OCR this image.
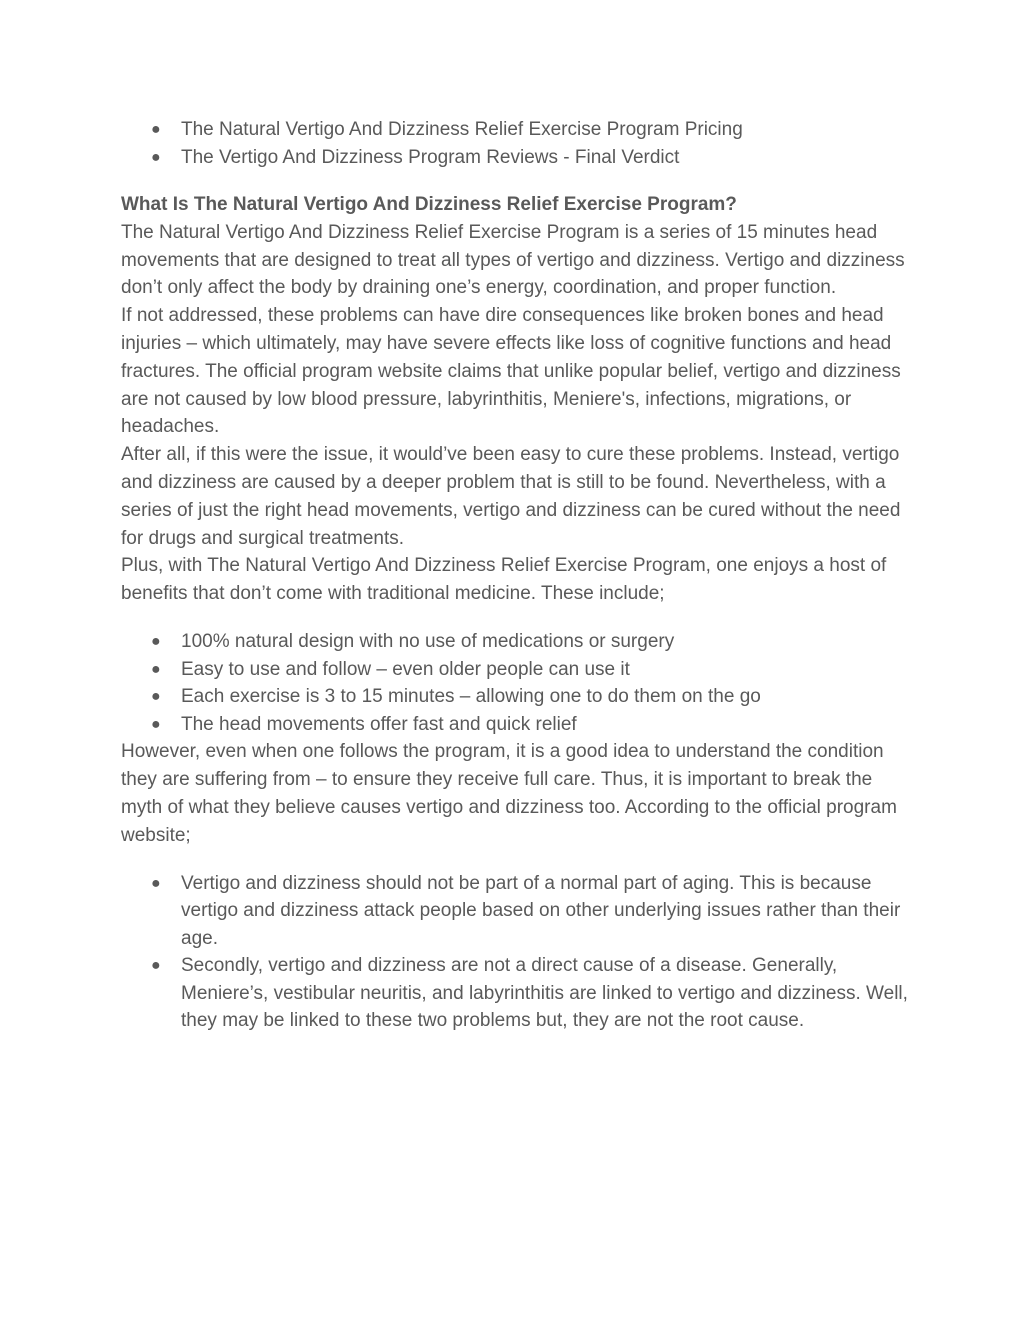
● The Natural Vertigo And Dizziness Relief Exercise Program Pricing
● The Vertigo And Dizziness Program Reviews - Final Verdict
What Is The Natural Vertigo And Dizziness Relief Exercise Program?

The Natural Vertigo And Dizziness Relief Exercise Program is a series of 15 minutes head movements that are designed to treat all types of vertigo and dizziness. Vertigo and dizziness don’t only affect the body by draining one’s energy, coordination, and proper function.

If not addressed, these problems can have dire consequences like broken bones and head injuries – which ultimately, may have severe effects like loss of cognitive functions and head fractures. The official program website claims that unlike popular belief, vertigo and dizziness are not caused by low blood pressure, labyrinthitis, Meniere's, infections, migrations, or headaches.

After all, if this were the issue, it would’ve been easy to cure these problems. Instead, vertigo and dizziness are caused by a deeper problem that is still to be found. Nevertheless, with a series of just the right head movements, vertigo and dizziness can be cured without the need for drugs and surgical treatments.

Plus, with The Natural Vertigo And Dizziness Relief Exercise Program, one enjoys a host of benefits that don’t come with traditional medicine. These include;

● 100% natural design with no use of medications or surgery
● Easy to use and follow – even older people can use it
● Each exercise is 3 to 15 minutes – allowing one to do them on the go
● The head movements offer fast and quick relief

However, even when one follows the program, it is a good idea to understand the condition they are suffering from – to ensure they receive full care. Thus, it is important to break the myth of what they believe causes vertigo and dizziness too. According to the official program website;

● Vertigo and dizziness should not be part of a normal part of aging. This is because vertigo and dizziness attack people based on other underlying issues rather than their age.
● Secondly, vertigo and dizziness are not a direct cause of a disease. Generally, Meniere’s, vestibular neuritis, and labyrinthitis are linked to vertigo and dizziness. Well, they may be linked to these two problems but, they are not the root cause.
